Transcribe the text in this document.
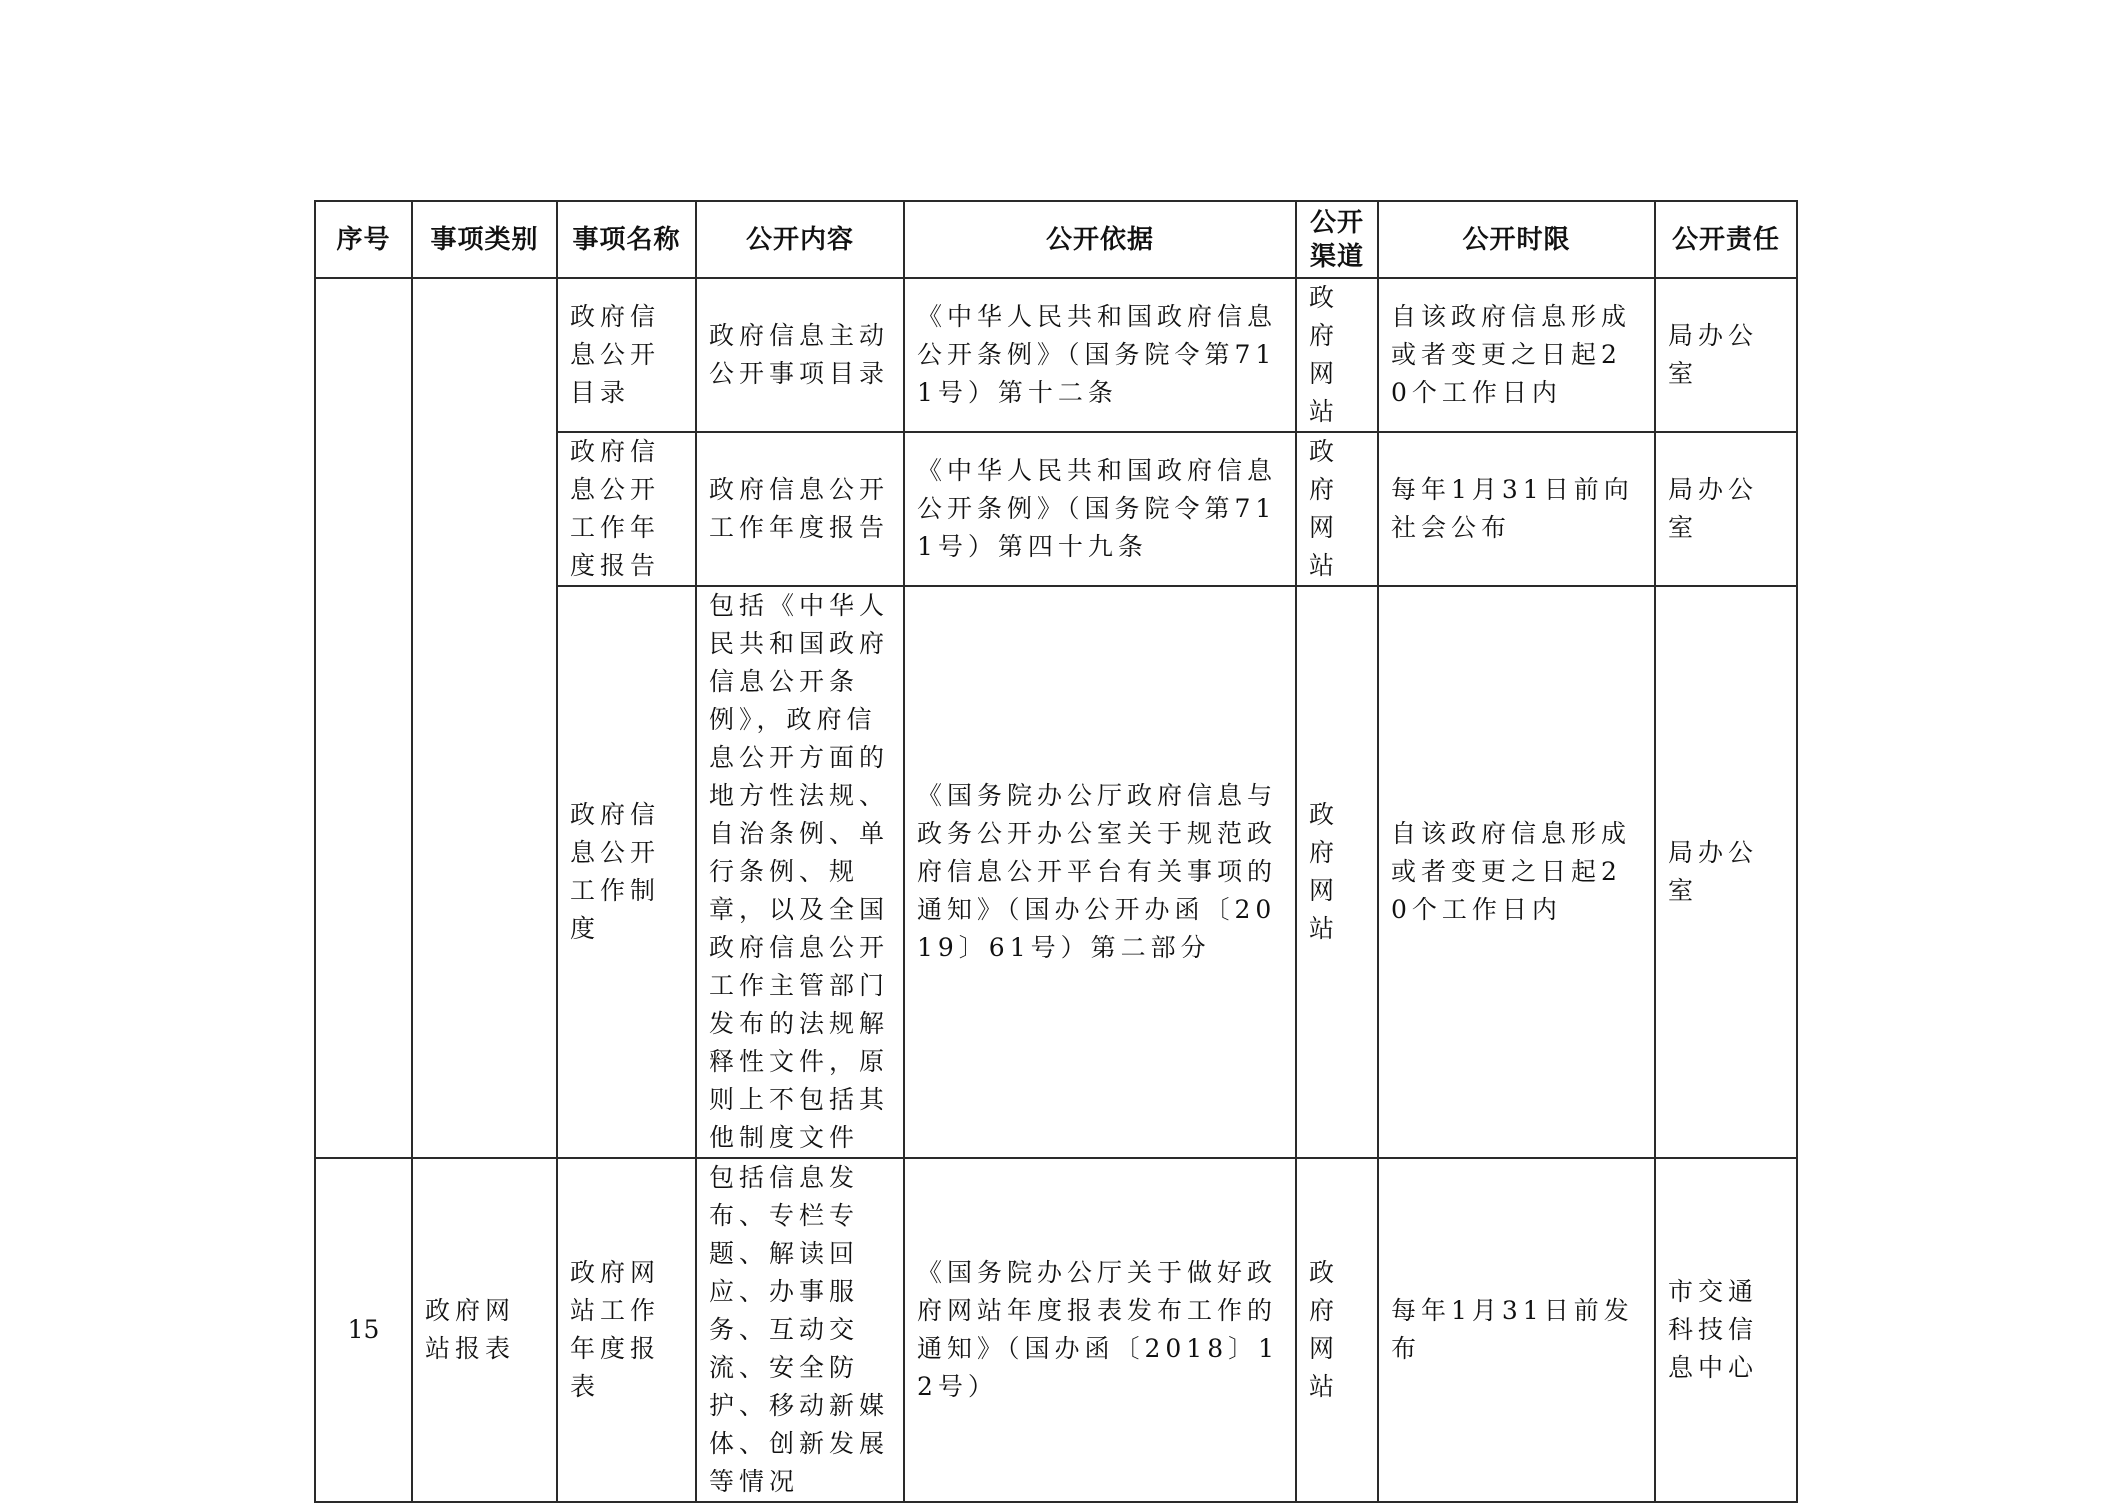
序号	事项类别	事项名称	公开内容	公开依据	公开渠道	公开时限	公开责任
		政府信息公开目录	政府信息主动公开事项目录	《中华人民共和国政府信息公开条例》（国务院令第711号）第十二条	政府网站	自该政府信息形成或者变更之日起20个工作日内	局办公室
		政府信息公开工作年度报告	政府信息公开工作年度报告	《中华人民共和国政府信息公开条例》（国务院令第711号）第四十九条	政府网站	每年1月31日前向社会公布	局办公室
		政府信息公开工作制度	包括《中华人民共和国政府信息公开条例》，政府信息公开方面的地方性法规、自治条例、单行条例、规章，以及全国政府信息公开工作主管部门发布的法规解释性文件，原则上不包括其他制度文件	《国务院办公厅政府信息与政务公开办公室关于规范政府信息公开平台有关事项的通知》（国办公开办函〔2019〕61号）第二部分	政府网站	自该政府信息形成或者变更之日起20个工作日内	局办公室
15	政府网站报表	政府网站工作年度报表	包括信息发布、专栏专题、解读回应、办事服务、互动交流、安全防护、移动新媒体、创新发展等情况	《国务院办公厅关于做好政府网站年度报表发布工作的通知》（国办函〔2018〕12号）	政府网站	每年1月31日前发布	市交通科技信息中心
